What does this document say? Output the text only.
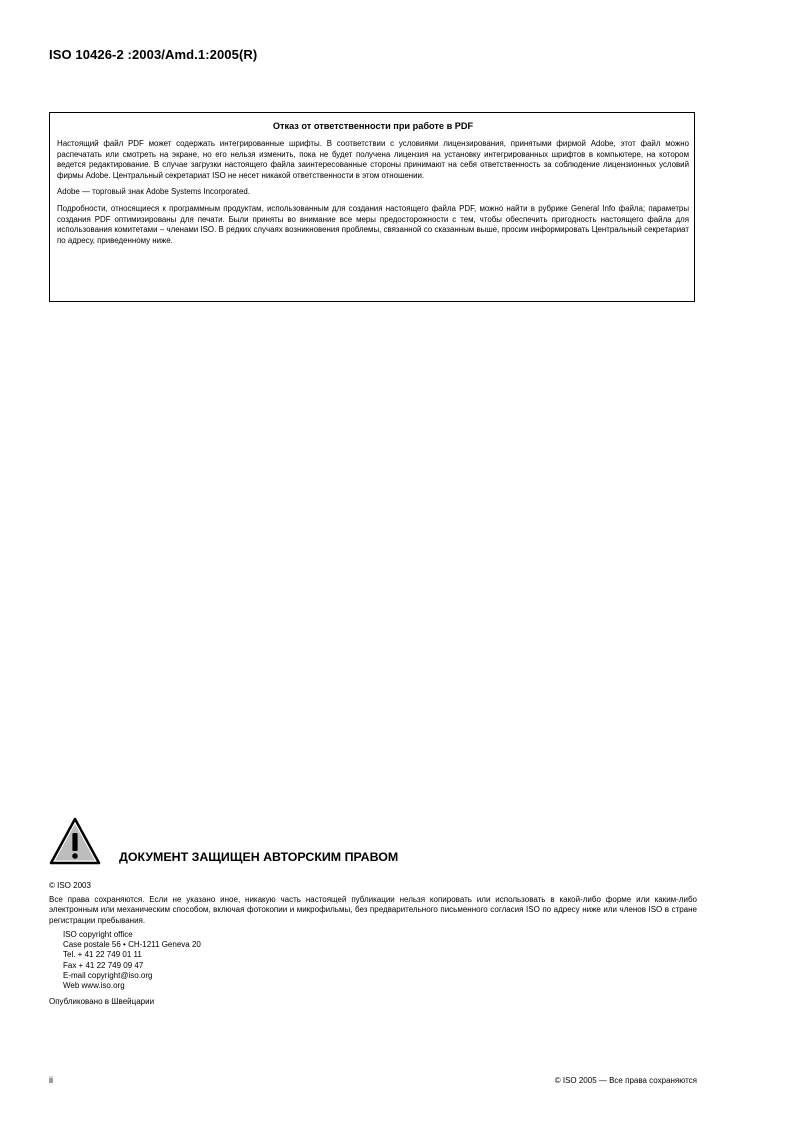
ISO 10426-2 :2003/Amd.1:2005(R)
Отказ от ответственности при работе в PDF

Настоящий файл PDF может содержать интегрированные шрифты. В соответствии с условиями лицензирования, принятыми фирмой Adobe, этот файл можно распечатать или смотреть на экране, но его нельзя изменить, пока не будет получена лицензия на установку интегрированных шрифтов в компьютере, на котором ведется редактирование. В случае загрузки настоящего файла заинтересованные стороны принимают на себя ответственность за соблюдение лицензионных условий фирмы Adobe. Центральный секретариат ISO не несет никакой ответственности в этом отношении.

Adobe — торговый знак Adobe Systems Incorporated.

Подробности, относящиеся к программным продуктам, использованным для создания настоящего файла PDF, можно найти в рубрике General Info файла; параметры создания PDF оптимизированы для печати. Были приняты во внимание все меры предосторожности с тем, чтобы обеспечить пригодность настоящего файла для использования комитетами – членами ISO. В редких случаях возникновения проблемы, связанной со сказанным выше, просим информировать Центральный секретариат по адресу, приведенному ниже.

ДОКУМЕНТ ЗАЩИЩЕН АВТОРСКИМ ПРАВОМ
© ISO 2003
Все права сохраняются. Если не указано иное, никакую часть настоящей публикации нельзя копировать или использовать в какой-либо форме или каким-либо электронным или механическим способом, включая фотокопии и микрофильмы, без предварительного письменного согласия ISO по адресу ниже или членов ISO в стране регистрации пребывания.
ISO copyright office
Case postale 56 • CH-1211 Geneva 20
Tel. + 41 22 749 01 11
Fax + 41 22 749 09 47
E-mail copyright@iso.org
Web www.iso.org
Опубликовано в Швейцарии
ii	© ISO 2005 — Все права сохраняются
